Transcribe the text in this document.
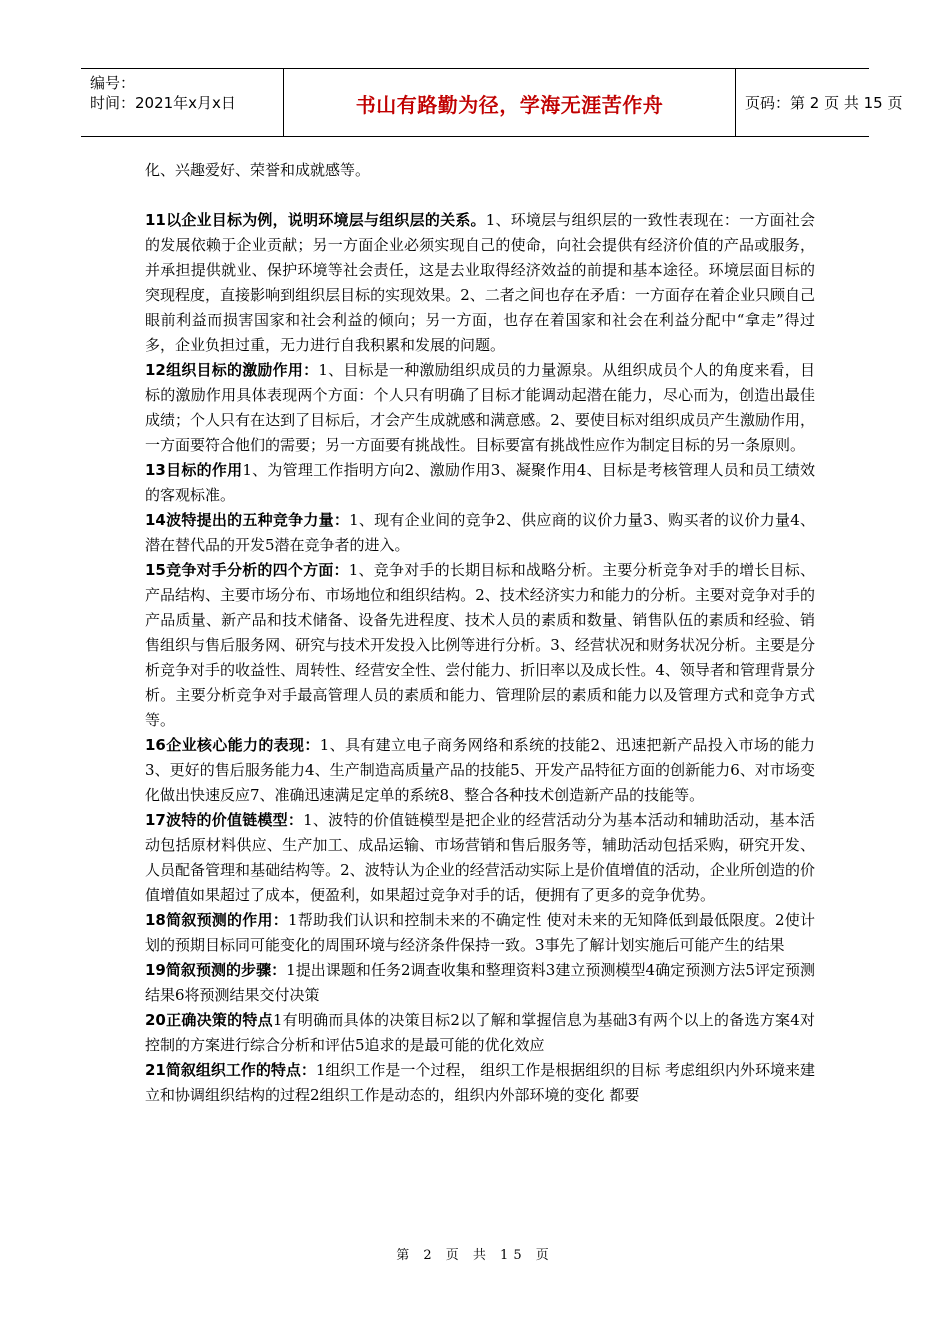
编号：
时间：2021年x月x日	书山有路勤为径，学海无涯苦作舟	页码：第 2 页 共 15 页

化、兴趣爱好、荣誉和成就感等。

11以企业目标为例，说明环境层与组织层的关系。1、环境层与组织层的一致性表现在：一方面社会的发展依赖于企业贡献；另一方面企业必须实现自己的使命，向社会提供有经济价值的产品或服务，并承担提供就业、保护环境等社会责任，这是去业取得经济效益的前提和基本途径。环境层面目标的突现程度，直接影响到组织层目标的实现效果。2、二者之间也存在矛盾：一方面存在着企业只顾自己眼前利益而损害国家和社会利益的倾向；另一方面，也存在着国家和社会在利益分配中“拿走”得过多，企业负担过重，无力进行自我积累和发展的问题。

12组织目标的激励作用：1、目标是一种激励组织成员的力量源泉。从组织成员个人的角度来看，目标的激励作用具体表现两个方面：个人只有明确了目标才能调动起潜在能力，尽心而为，创造出最佳成绩；个人只有在达到了目标后，才会产生成就感和满意感。2、要使目标对组织成员产生激励作用，一方面要符合他们的需要；另一方面要有挑战性。目标要富有挑战性应作为制定目标的另一条原则。

13目标的作用1、为管理工作指明方向2、激励作用3、凝聚作用4、目标是考核管理人员和员工绩效的客观标准。

14波特提出的五种竞争力量：1、现有企业间的竞争2、供应商的议价力量3、购买者的议价力量4、潜在替代品的开发5潜在竞争者的进入。

15竞争对手分析的四个方面：1、竞争对手的长期目标和战略分析。主要分析竞争对手的增长目标、产品结构、主要市场分布、市场地位和组织结构。2、技术经济实力和能力的分析。主要对竞争对手的产品质量、新产品和技术储备、设备先进程度、技术人员的素质和数量、销售队伍的素质和经验、销售组织与售后服务网、研究与技术开发投入比例等进行分析。3、经营状况和财务状况分析。主要是分析竞争对手的收益性、周转性、经营安全性、尝付能力、折旧率以及成长性。4、领导者和管理背景分析。主要分析竞争对手最高管理人员的素质和能力、管理阶层的素质和能力以及管理方式和竞争方式等。

16企业核心能力的表现：1、具有建立电子商务网络和系统的技能2、迅速把新产品投入市场的能力3、更好的售后服务能力4、生产制造高质量产品的技能5、开发产品特征方面的创新能力6、对市场变化做出快速反应7、准确迅速满足定单的系统8、整合各种技术创造新产品的技能等。

17波特的价值链模型：1、波特的价值链模型是把企业的经营活动分为基本活动和辅助活动，基本活动包括原材料供应、生产加工、成品运输、市场营销和售后服务等，辅助活动包括采购，研究开发、人员配备管理和基础结构等。2、波特认为企业的经营活动实际上是价值增值的活动，企业所创造的价值增值如果超过了成本，便盈利，如果超过竞争对手的话，便拥有了更多的竞争优势。

18简叙预测的作用：1帮助我们认识和控制未来的不确定性 使对未来的无知降低到最低限度。2使计划的预期目标同可能变化的周围环境与经济条件保持一致。3事先了解计划实施后可能产生的结果

19简叙预测的步骤：1提出课题和任务2调查收集和整理资料3建立预测模型4确定预测方法5评定预测结果6将预测结果交付决策

20正确决策的特点1有明确而具体的决策目标2以了解和掌握信息为基础3有两个以上的备选方案4对控制的方案进行综合分析和评估5追求的是最可能的优化效应

21简叙组织工作的特点：1组织工作是一个过程， 组织工作是根据组织的目标 考虑组织内外环境来建立和协调组织结构的过程2组织工作是动态的，组织内外部环境的变化 都要

第 2 页 共 15 页
